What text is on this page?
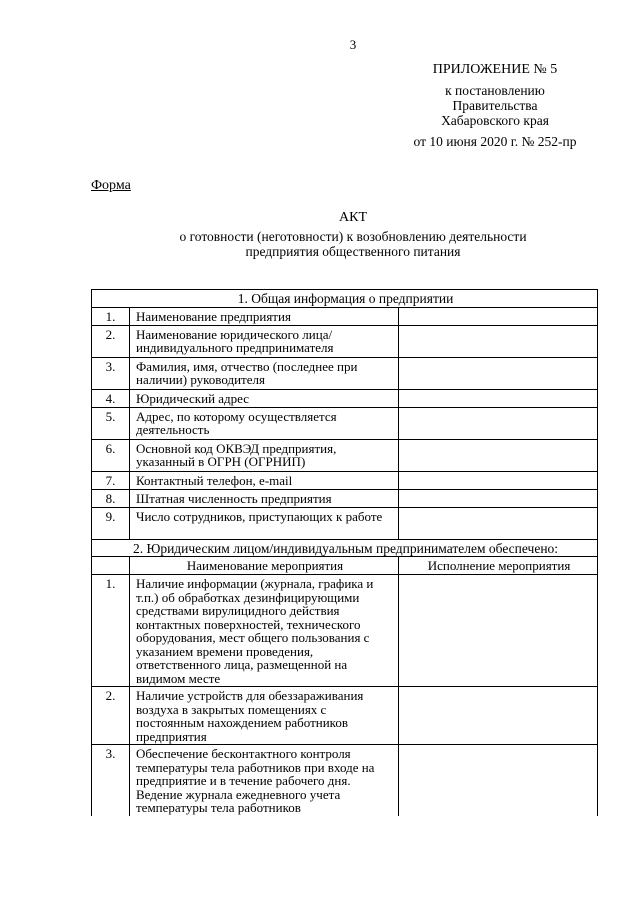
3
ПРИЛОЖЕНИЕ № 5
к постановлению
Правительства
Хабаровского края
от 10 июня 2020 г. № 252-пр
Форма
АКТ
о готовности (неготовности) к возобновлению деятельности
предприятия общественного питания
1. Общая информация о предприятии		
1.	Наименование предприятия	
2.	Наименование юридического лица/ индивидуального предпринимателя	
3.	Фамилия, имя, отчество (последнее при наличии) руководителя	
4.	Юридический адрес	
5.	Адрес, по которому осуществляется деятельность	
6.	Основной код ОКВЭД предприятия, указанный в ОГРН (ОГРНИП)	
7.	Контактный телефон, e-mail	
8.	Штатная численность предприятия	
9.	Число сотрудников, приступающих к работе	
2. Юридическим лицом/индивидуальным предпринимателем обеспечено:		
	Наименование мероприятия	Исполнение мероприятия
1.	Наличие информации (журнала, графика и т.п.) об обработках дезинфицирующими средствами вирулицидного действия контактных поверхностей, технического оборудования, мест общего пользования с указанием времени проведения, ответственного лица, размещенной на видимом месте	
2.	Наличие устройств для обеззараживания воздуха в закрытых помещениях с постоянным нахождением работников предприятия	
3.	Обеспечение бесконтактного контроля температуры тела работников при входе на предприятие и в течение рабочего дня. Ведение журнала ежедневного учета температуры тела работников	
